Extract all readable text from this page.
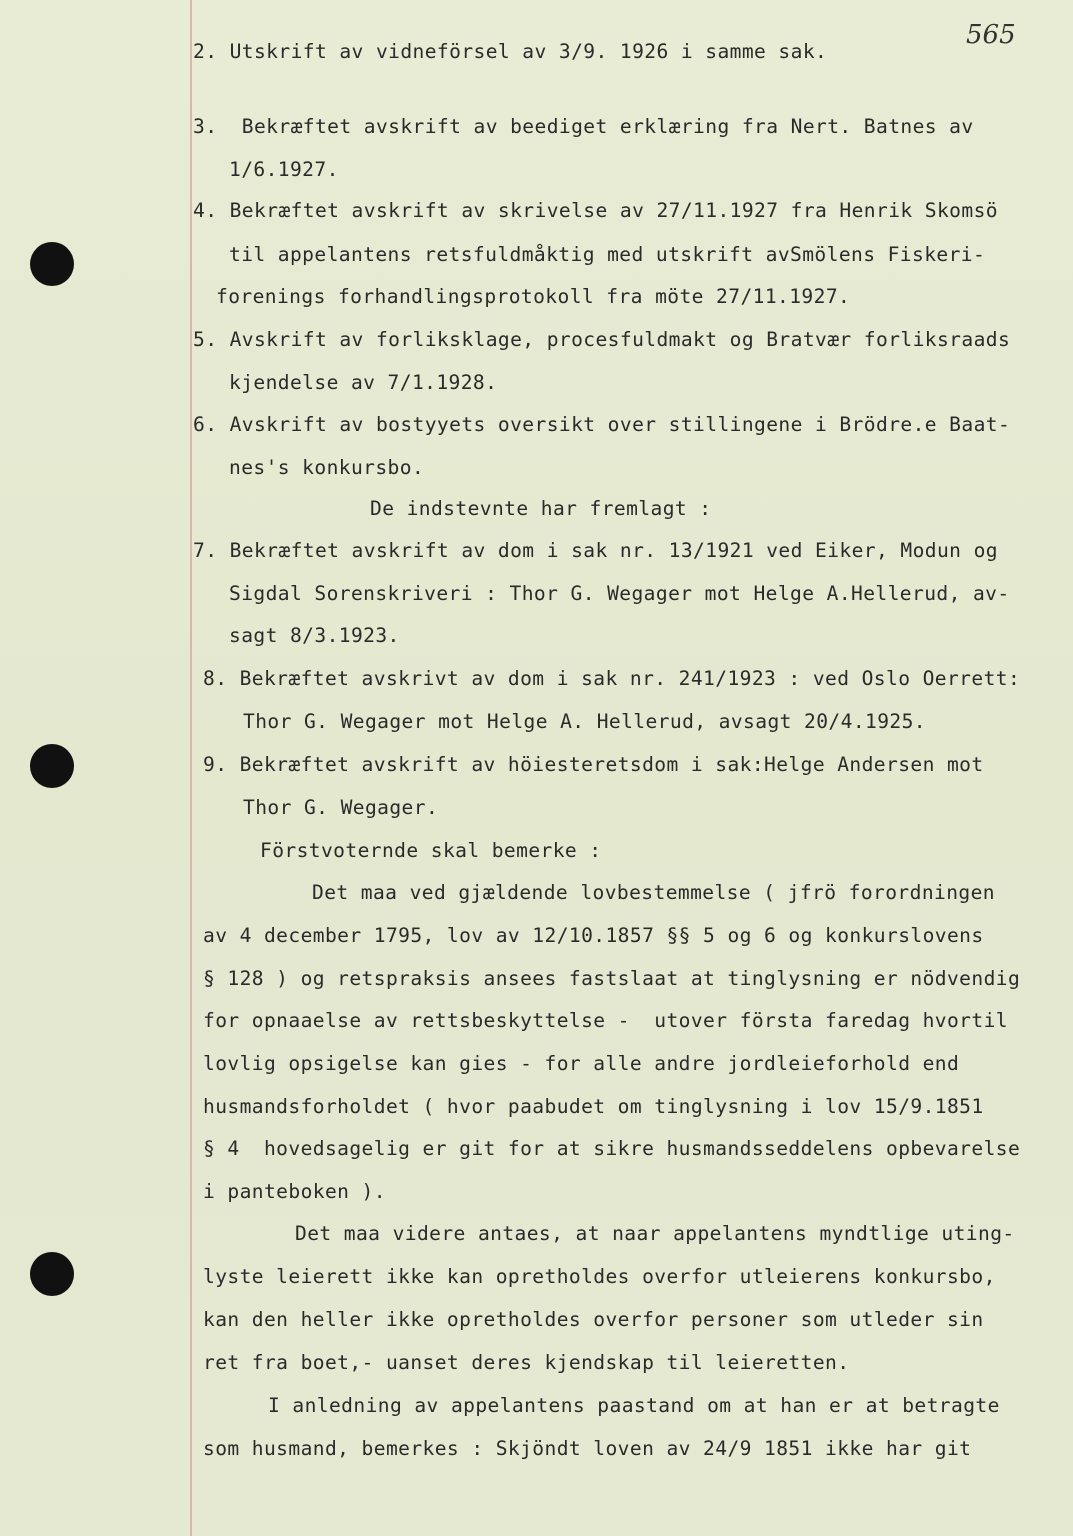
565
2. Utskrift av vidneförsel av 3/9. 1926 i samme sak.
3.  Bekræftet avskrift av beediget erklæring fra Nert. Batnes av
1/6.1927.
4. Bekræftet avskrift av skrivelse av 27/11.1927 fra Henrik Skomsö
til appelantens retsfuldmåktig med utskrift avSmölens Fiskeri-
forenings forhandlingsprotokoll fra möte 27/11.1927.
5. Avskrift av forliksklage, procesfuldmakt og Bratvær forliksraads
kjendelse av 7/1.1928.
6. Avskrift av bostyyets oversikt over stillingene i Brödre.e Baat-
nes's konkursbo.
De indstevnte har fremlagt :
7. Bekræftet avskrift av dom i sak nr. 13/1921 ved Eiker, Modun og
Sigdal Sorenskriveri : Thor G. Wegager mot Helge A.Hellerud, av-
sagt 8/3.1923.
8. Bekræftet avskrivt av dom i sak nr. 241/1923 : ved Oslo Oerrett:
Thor G. Wegager mot Helge A. Hellerud, avsagt 20/4.1925.
9. Bekræftet avskrift av höiesteretsdom i sak:Helge Andersen mot
Thor G. Wegager.
Förstvoternde skal bemerke :
Det maa ved gjældende lovbestemmelse ( jfrö forordningen
av 4 december 1795, lov av 12/10.1857 §§ 5 og 6 og konkurslovens
§ 128 ) og retspraksis ansees fastslaat at tinglysning er nödvendig
for opnaaelse av rettsbeskyttelse -  utover första faredag hvortil
lovlig opsigelse kan gies - for alle andre jordleieforhold end
husmandsforholdet ( hvor paabudet om tinglysning i lov 15/9.1851
§ 4  hovedsagelig er git for at sikre husmandsseddelens opbevarelse
i panteboken ).
Det maa videre antaes, at naar appelantens myndtlige uting-
lyste leierett ikke kan opretholdes overfor utleierens konkursbo,
kan den heller ikke opretholdes overfor personer som utleder sin
ret fra boet,- uanset deres kjendskap til leieretten.
I anledning av appelantens paastand om at han er at betragte
som husmand, bemerkes : Skjöndt loven av 24/9 1851 ikke har git
